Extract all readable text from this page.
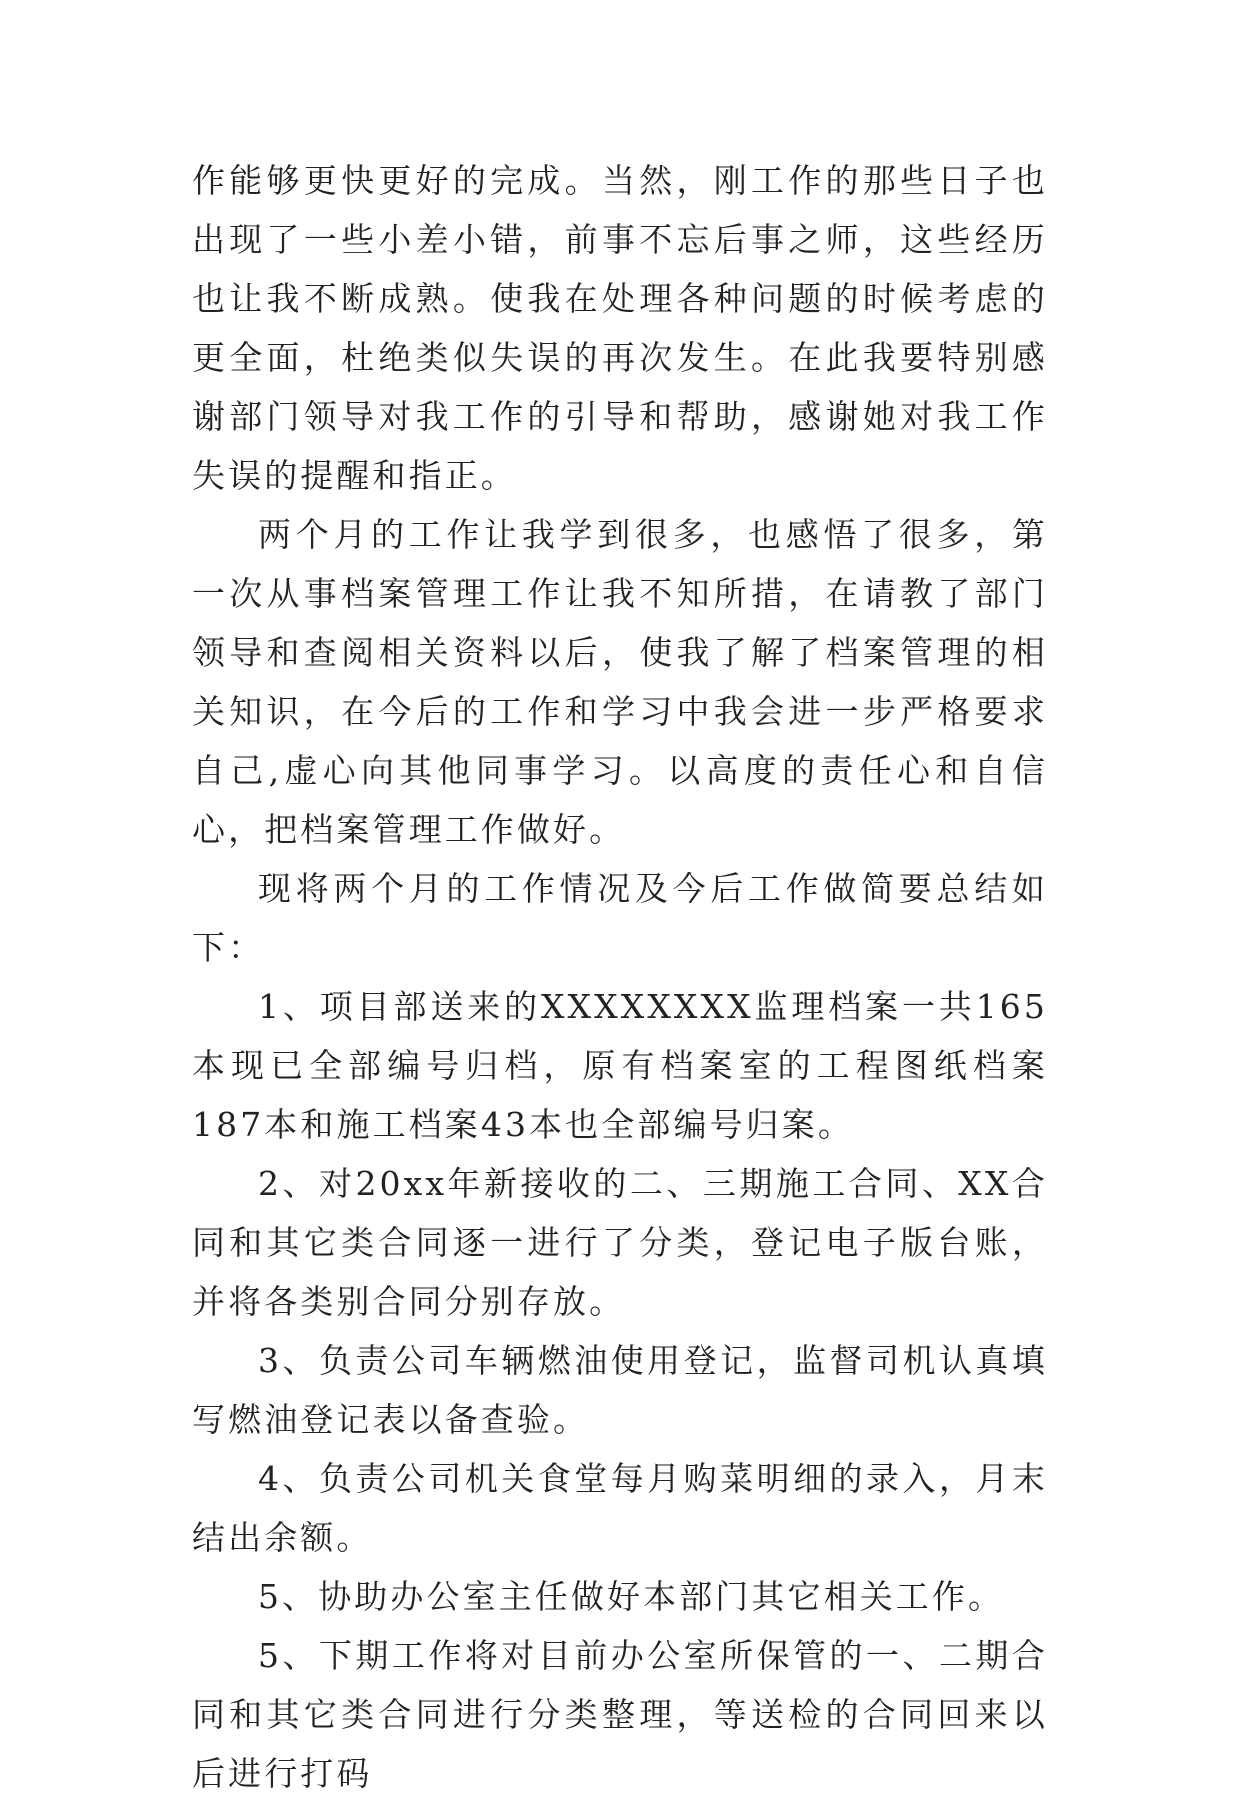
作能够更快更好的完成。当然，刚工作的那些日子也出现了一些小差小错，前事不忘后事之师，这些经历也让我不断成熟。使我在处理各种问题的时候考虑的更全面，杜绝类似失误的再次发生。在此我要特别感谢部门领导对我工作的引导和帮助，感谢她对我工作失误的提醒和指正。

两个月的工作让我学到很多，也感悟了很多，第一次从事档案管理工作让我不知所措，在请教了部门领导和查阅相关资料以后，使我了解了档案管理的相关知识，在今后的工作和学习中我会进一步严格要求自己,虚心向其他同事学习。以高度的责任心和自信心，把档案管理工作做好。

现将两个月的工作情况及今后工作做简要总结如下：

1、项目部送来的XXXXXXXX监理档案一共165本现已全部编号归档，原有档案室的工程图纸档案187本和施工档案43本也全部编号归案。

2、对20xx年新接收的二、三期施工合同、XX合同和其它类合同逐一进行了分类，登记电子版台账，并将各类别合同分别存放。

3、负责公司车辆燃油使用登记，监督司机认真填写燃油登记表以备查验。

4、负责公司机关食堂每月购菜明细的录入，月末结出余额。

5、协助办公室主任做好本部门其它相关工作。

5、下期工作将对目前办公室所保管的一、二期合同和其它类合同进行分类整理，等送检的合同回来以后进行打码
